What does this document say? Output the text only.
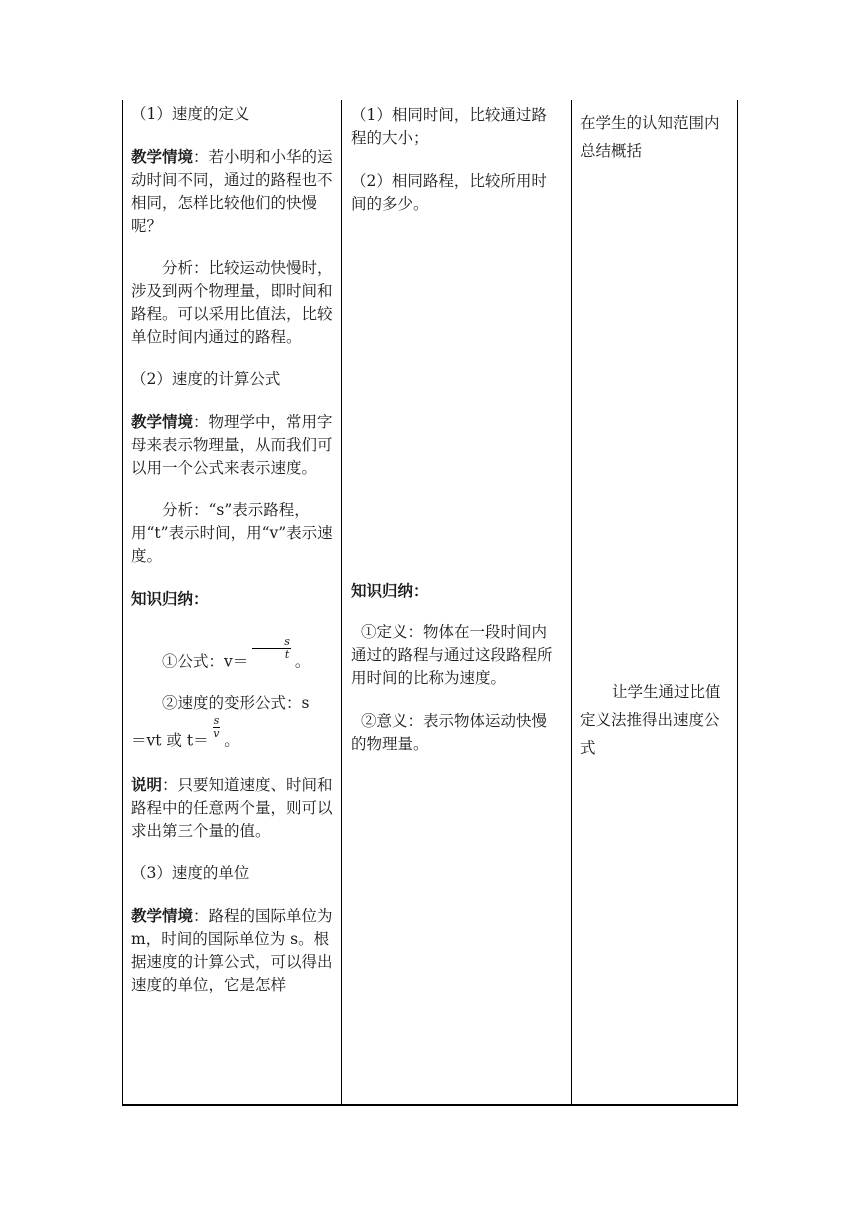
（1）速度的定义

教学情境：若小明和小华的运动时间不同，通过的路程也不相同，怎样比较他们的快慢呢？

分析：比较运动快慢时，涉及到两个物理量，即时间和路程。可以采用比值法，比较单位时间内通过的路程。

（2）速度的计算公式

教学情境：物理学中，常用字母来表示物理量，从而我们可以用一个公式来表示速度。

分析：“s”表示路程，用“t”表示时间，用“v”表示速度。

知识归纳：

①公式：v＝
$\frac{s}{t}$
。

②速度的变形公式：s

＝vt 或 t＝
$\frac{s}{v}$
。

说明：只要知道速度、时间和路程中的任意两个量，则可以求出第三个量的值。

（3）速度的单位

教学情境：路程的国际单位为 m，时间的国际单位为 s。根据速度的计算公式，可以得出速度的单位，它是怎样

（1）相同时间，比较通过路程的大小；

（2）相同路程，比较所用时间的多少。

知识归纳：

①定义：物体在一段时间内通过的路程与通过这段路程所用时间的比称为速度。

②意义：表示物体运动快慢的物理量。

在学生的认知范围内总结概括

让学生通过比值定义法推得出速度公式
